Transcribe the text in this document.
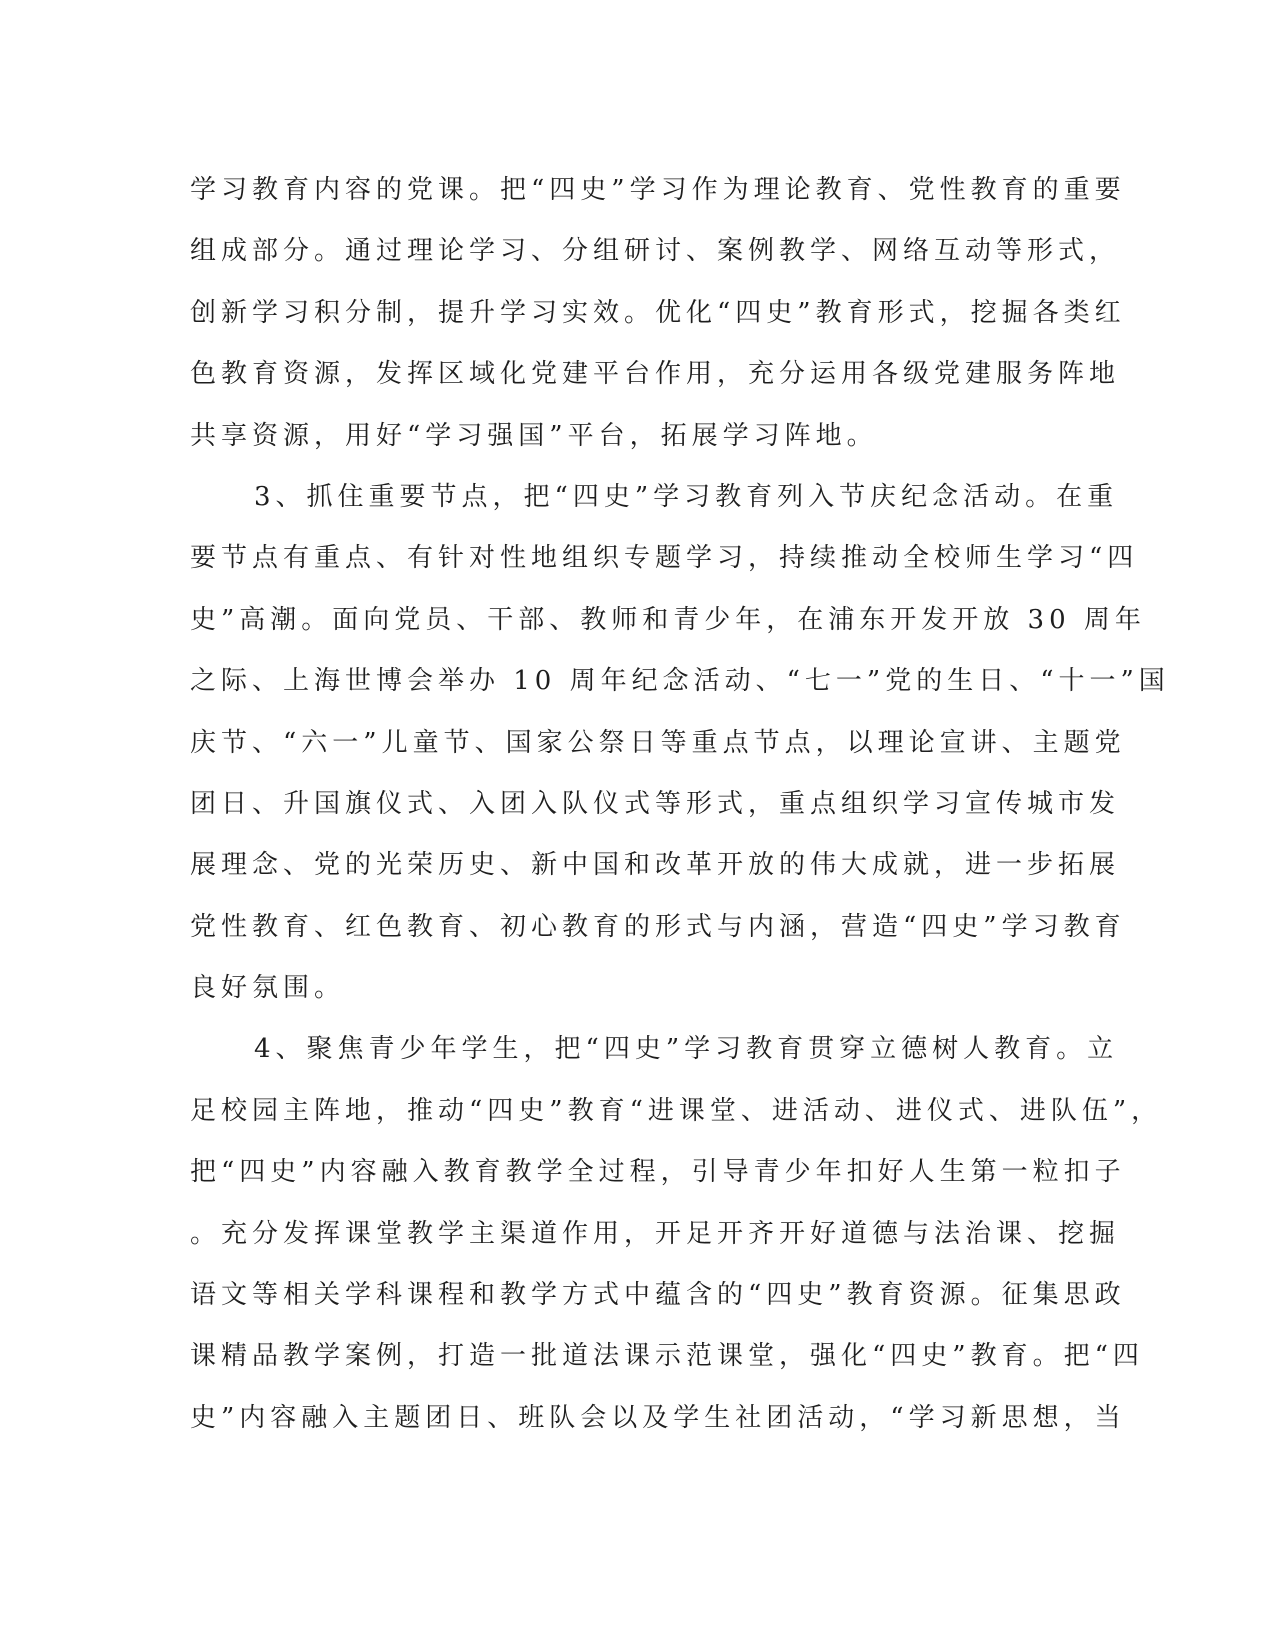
学习教育内容的党课。把“四史”学习作为理论教育、党性教育的重要
组成部分。通过理论学习、分组研讨、案例教学、网络互动等形式，
创新学习积分制，提升学习实效。优化“四史”教育形式，挖掘各类红
色教育资源，发挥区域化党建平台作用，充分运用各级党建服务阵地
共享资源，用好“学习强国”平台，拓展学习阵地。
3、抓住重要节点，把“四史”学习教育列入节庆纪念活动。在重
要节点有重点、有针对性地组织专题学习，持续推动全校师生学习“四
史”高潮。面向党员、干部、教师和青少年，在浦东开发开放 30 周年
之际、上海世博会举办 10 周年纪念活动、“七一”党的生日、“十一”国
庆节、“六一”儿童节、国家公祭日等重点节点，以理论宣讲、主题党
团日、升国旗仪式、入团入队仪式等形式，重点组织学习宣传城市发
展理念、党的光荣历史、新中国和改革开放的伟大成就，进一步拓展
党性教育、红色教育、初心教育的形式与内涵，营造“四史”学习教育
良好氛围。
4、聚焦青少年学生，把“四史”学习教育贯穿立德树人教育。立
足校园主阵地，推动“四史”教育“进课堂、进活动、进仪式、进队伍”，
把“四史”内容融入教育教学全过程，引导青少年扣好人生第一粒扣子
。充分发挥课堂教学主渠道作用，开足开齐开好道德与法治课、挖掘
语文等相关学科课程和教学方式中蕴含的“四史”教育资源。征集思政
课精品教学案例，打造一批道法课示范课堂，强化“四史”教育。把“四
史”内容融入主题团日、班队会以及学生社团活动，“学习新思想，当
